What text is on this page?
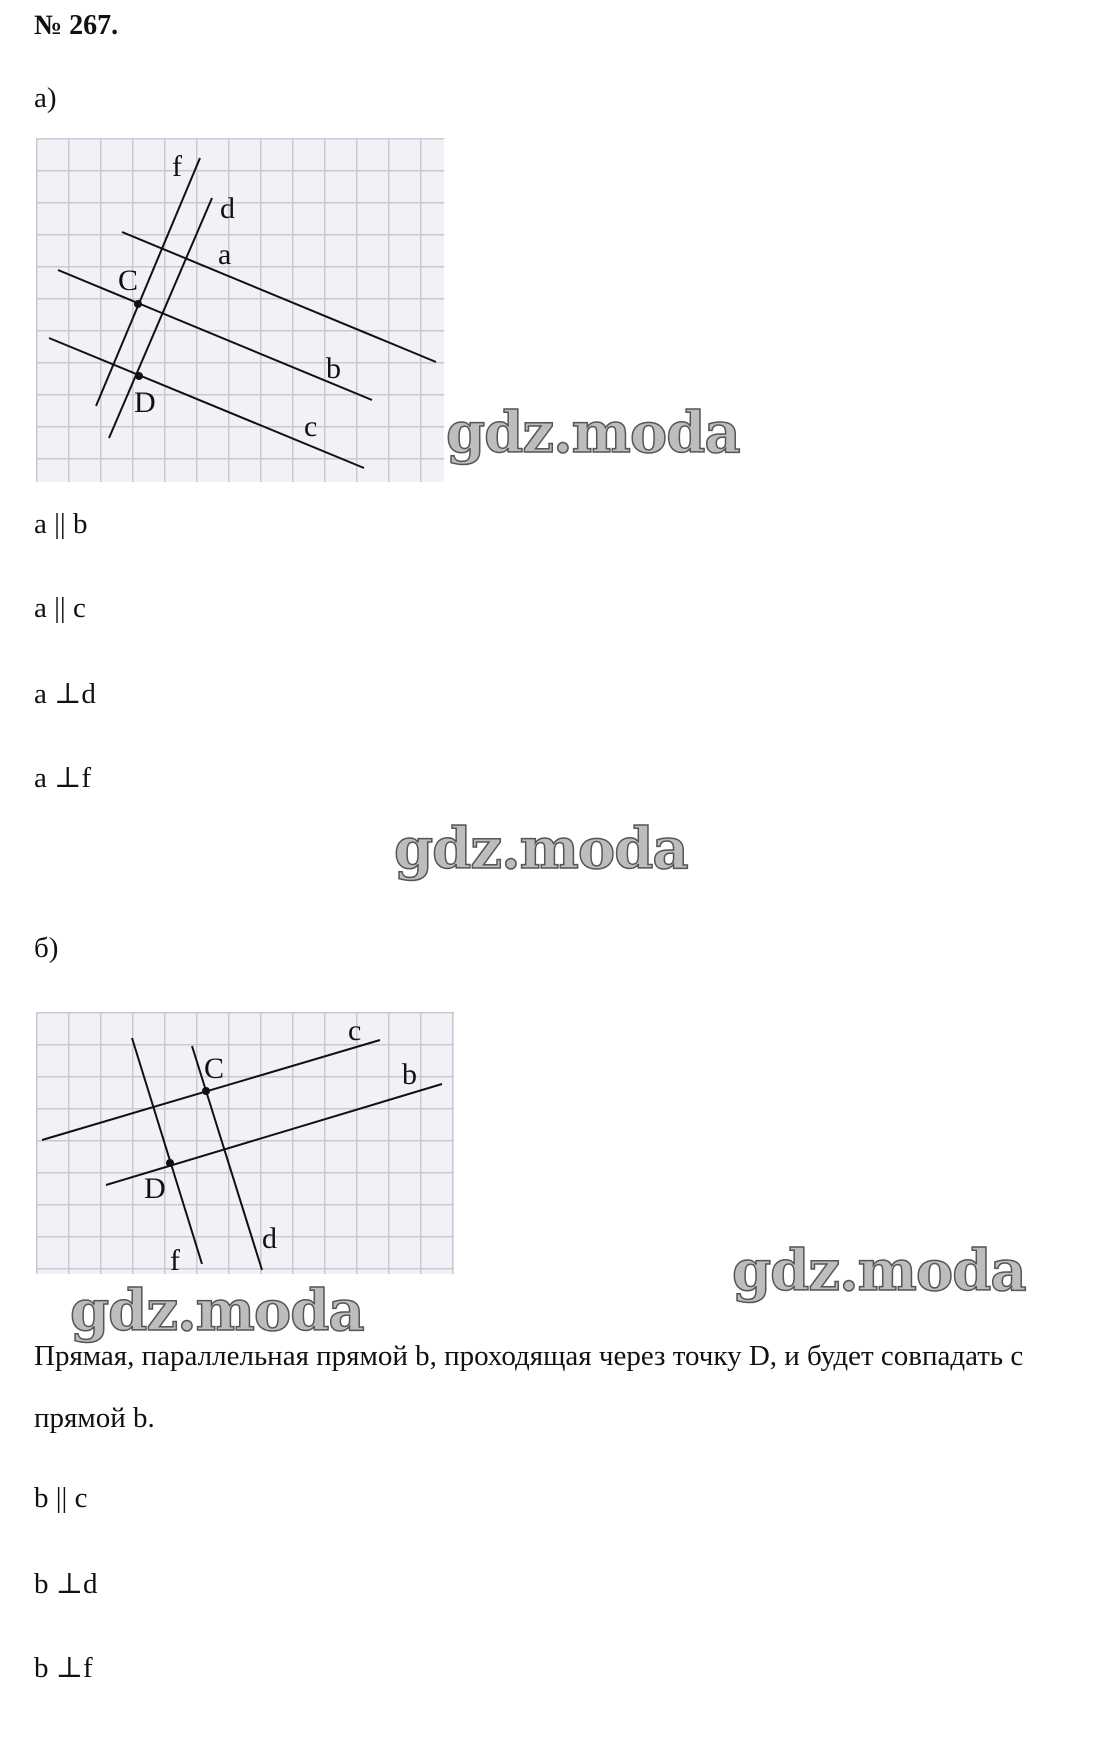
№ 267.
а)
f
d
a
C
b
D
c gdz.moda
a || b
a || c
a ⊥d
a ⊥f
gdz.moda
б)
c
C	b
D
f
d	gdz.moda
gdz.moda
Прямая, параллельная прямой b, проходящая через точку D, и будет совпадать с прямой b.
b || c
b ⊥d
b ⊥f
